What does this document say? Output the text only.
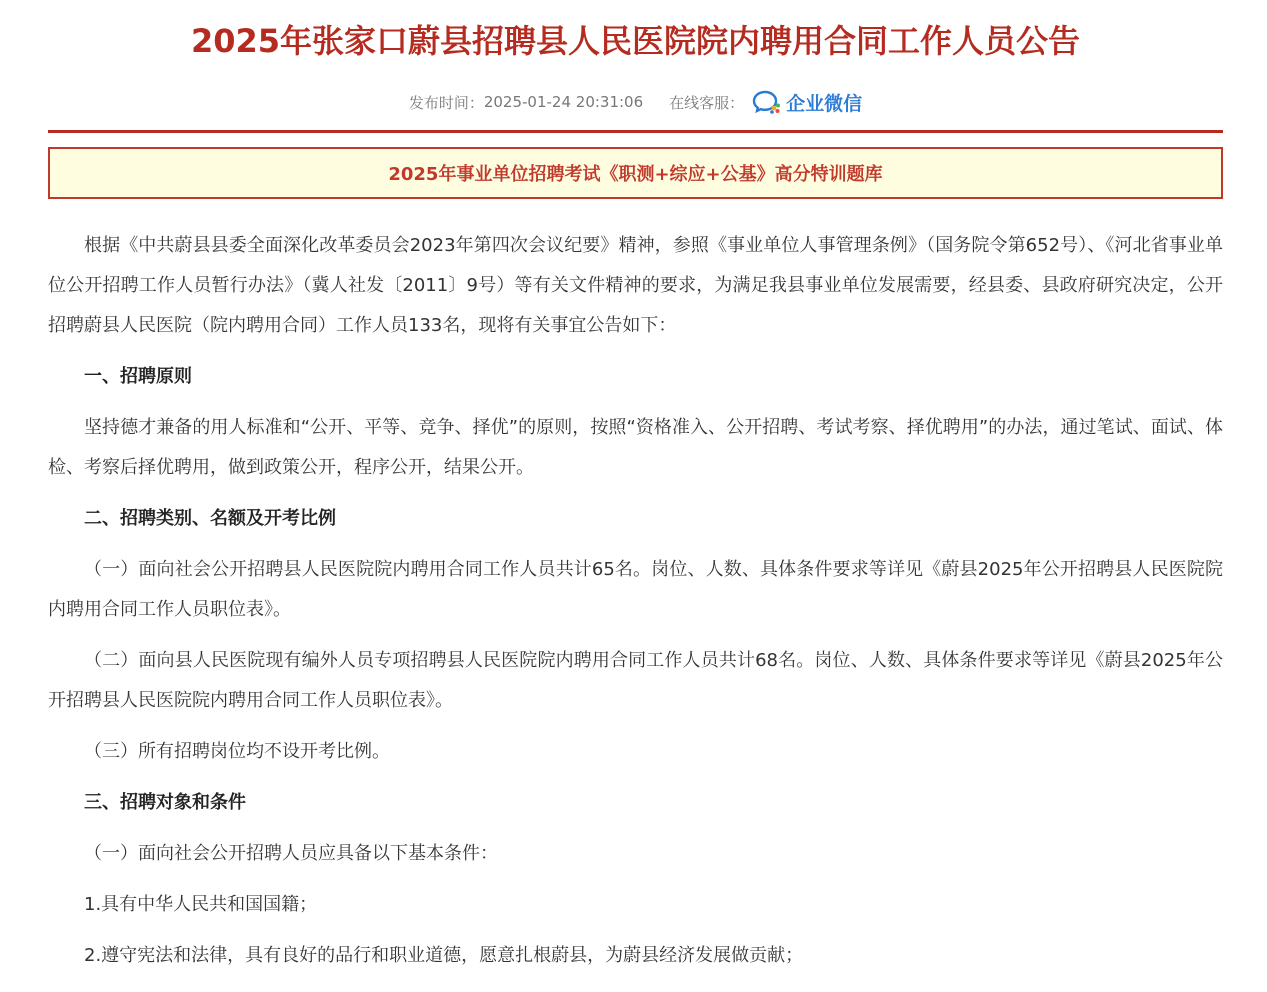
2025年张家口蔚县招聘县人民医院院内聘用合同工作人员公告
发布时间： 2025-01-24 20:31:06 在线客服： 企业微信
2025年事业单位招聘考试《职测+综应+公基》高分特训题库

根据《中共蔚县县委全面深化改革委员会2023年第四次会议纪要》精神，参照《事业单位人事管理条例》（国务院令第652号）、《河北省事业单位公开招聘工作人员暂行办法》（冀人社发〔2011〕9号）等有关文件精神的要求，为满足我县事业单位发展需要，经县委、县政府研究决定，公开招聘蔚县人民医院（院内聘用合同）工作人员133名，现将有关事宜公告如下：

一、招聘原则

坚持德才兼备的用人标准和“公开、平等、竞争、择优”的原则，按照“资格准入、公开招聘、考试考察、择优聘用”的办法，通过笔试、面试、体检、考察后择优聘用，做到政策公开，程序公开，结果公开。

二、招聘类别、名额及开考比例

（一）面向社会公开招聘县人民医院院内聘用合同工作人员共计65名。岗位、人数、具体条件要求等详见《蔚县2025年公开招聘县人民医院院内聘用合同工作人员职位表》。

（二）面向县人民医院现有编外人员专项招聘县人民医院院内聘用合同工作人员共计68名。岗位、人数、具体条件要求等详见《蔚县2025年公开招聘县人民医院院内聘用合同工作人员职位表》。

（三）所有招聘岗位均不设开考比例。

三、招聘对象和条件

（一）面向社会公开招聘人员应具备以下基本条件：

1.具有中华人民共和国国籍；

2.遵守宪法和法律，具有良好的品行和职业道德，愿意扎根蔚县，为蔚县经济发展做贡献；
